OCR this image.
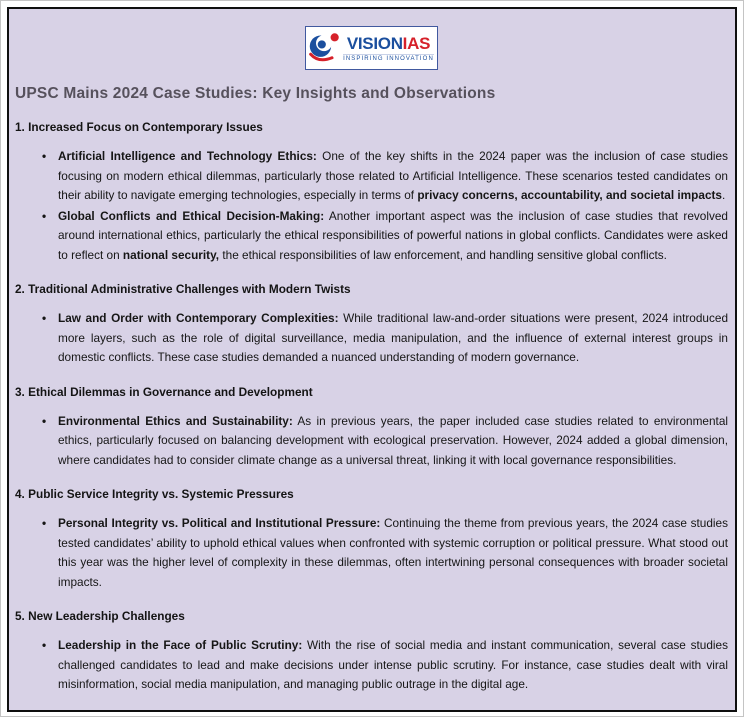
VISIONIAS
INSPIRING INNOVATION
UPSC Mains 2024 Case Studies: Key Insights and Observations
1. Increased Focus on Contemporary Issues
• Artificial Intelligence and Technology Ethics: One of the key shifts in the 2024 paper was the inclusion of case studies focusing on modern ethical dilemmas, particularly those related to Artificial Intelligence. These scenarios tested candidates on their ability to navigate emerging technologies, especially in terms of privacy concerns, accountability, and societal impacts.
• Global Conflicts and Ethical Decision-Making: Another important aspect was the inclusion of case studies that revolved around international ethics, particularly the ethical responsibilities of powerful nations in global conflicts. Candidates were asked to reflect on national security, the ethical responsibilities of law enforcement, and handling sensitive global conflicts.
2. Traditional Administrative Challenges with Modern Twists
• Law and Order with Contemporary Complexities: While traditional law-and-order situations were present, 2024 introduced more layers, such as the role of digital surveillance, media manipulation, and the influence of external interest groups in domestic conflicts. These case studies demanded a nuanced understanding of modern governance.
3. Ethical Dilemmas in Governance and Development
• Environmental Ethics and Sustainability: As in previous years, the paper included case studies related to environmental ethics, particularly focused on balancing development with ecological preservation. However, 2024 added a global dimension, where candidates had to consider climate change as a universal threat, linking it with local governance responsibilities.
4. Public Service Integrity vs. Systemic Pressures
• Personal Integrity vs. Political and Institutional Pressure: Continuing the theme from previous years, the 2024 case studies tested candidates’ ability to uphold ethical values when confronted with systemic corruption or political pressure. What stood out this year was the higher level of complexity in these dilemmas, often intertwining personal consequences with broader societal impacts.
5. New Leadership Challenges
• Leadership in the Face of Public Scrutiny: With the rise of social media and instant communication, several case studies challenged candidates to lead and make decisions under intense public scrutiny. For instance, case studies dealt with viral misinformation, social media manipulation, and managing public outrage in the digital age.
